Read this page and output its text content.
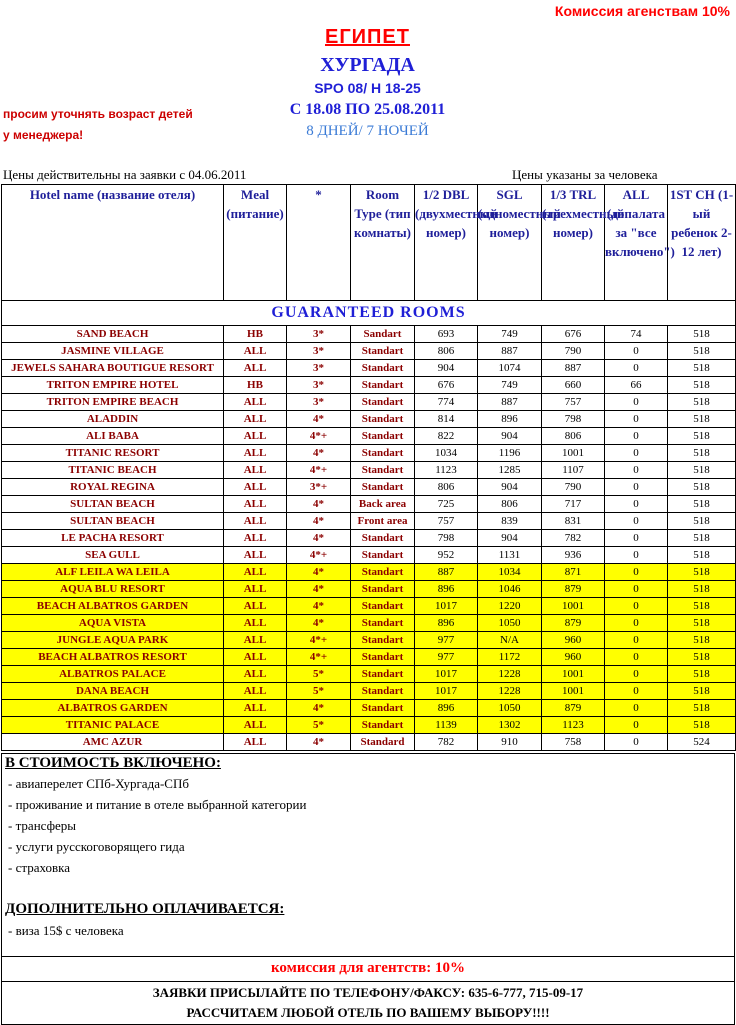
Комиссия агенствам 10%
ЕГИПЕТ
ХУРГАДА
SPO 08/ H 18-25
С 18.08 ПО 25.08.2011
8 ДНЕЙ/ 7 НОЧЕЙ
просим уточнять возраст детей
у менеджера!
Цены действительны на заявки с 04.06.2011	Цены указаны за человека
Hotel name (название отеля)	Meal (питание)	*	Room Type (тип комнаты)	1/2 DBL (двухместный номер)	SGL (одноместный номер)	1/3 TRL (трехместный номер)	ALL (допалата за "все включено")	1ST CH (1-ый ребенок 2-12 лет)
GUARANTEED ROOMS								
SAND BEACH	HB	3*	Sandart	693	749	676	74	518
JASMINE VILLAGE	ALL	3*	Standart	806	887	790	0	518
JEWELS SAHARA BOUTIGUE RESORT	ALL	3*	Standart	904	1074	887	0	518
TRITON EMPIRE HOTEL	HB	3*	Standart	676	749	660	66	518
TRITON EMPIRE BEACH	ALL	3*	Standart	774	887	757	0	518
ALADDIN	ALL	4*	Standart	814	896	798	0	518
ALI BABA	ALL	4*+	Standart	822	904	806	0	518
TITANIC RESORT	ALL	4*	Standart	1034	1196	1001	0	518
TITANIC BEACH	ALL	4*+	Standart	1123	1285	1107	0	518
ROYAL REGINA	ALL	3*+	Standart	806	904	790	0	518
SULTAN BEACH	ALL	4*	Back area	725	806	717	0	518
SULTAN BEACH	ALL	4*	Front area	757	839	831	0	518
LE PACHA RESORT	ALL	4*	Standart	798	904	782	0	518
SEA GULL	ALL	4*+	Standart	952	1131	936	0	518
ALF LEILA WA LEILA	ALL	4*	Standart	887	1034	871	0	518
AQUA BLU RESORT	ALL	4*	Standart	896	1046	879	0	518
BEACH ALBATROS GARDEN	ALL	4*	Standart	1017	1220	1001	0	518
AQUA VISTA	ALL	4*	Standart	896	1050	879	0	518
JUNGLE AQUA PARK	ALL	4*+	Standart	977	N/A	960	0	518
BEACH ALBATROS RESORT	ALL	4*+	Standart	977	1172	960	0	518
ALBATROS PALACE	ALL	5*	Standart	1017	1228	1001	0	518
DANA BEACH	ALL	5*	Standart	1017	1228	1001	0	518
ALBATROS GARDEN	ALL	4*	Standart	896	1050	879	0	518
TITANIC PALACE	ALL	5*	Standart	1139	1302	1123	0	518
AMC AZUR	ALL	4*	Standard	782	910	758	0	524
В СТОИМОСТЬ ВКЛЮЧЕНО:
- авиаперелет СПб-Хургада-СПб
- проживание и питание в отеле выбранной категории
- трансферы
- услуги русскоговорящего гида
- страховка
ДОПОЛНИТЕЛЬНО ОПЛАЧИВАЕТСЯ:
- виза 15$ с человека
комиссия для агентств: 10%
ЗАЯВКИ ПРИСЫЛАЙТЕ ПО ТЕЛЕФОНУ/ФАКСУ: 635-6-777, 715-09-17
РАССЧИТАЕМ ЛЮБОЙ ОТЕЛЬ ПО ВАШЕМУ ВЫБОРУ!!!!
